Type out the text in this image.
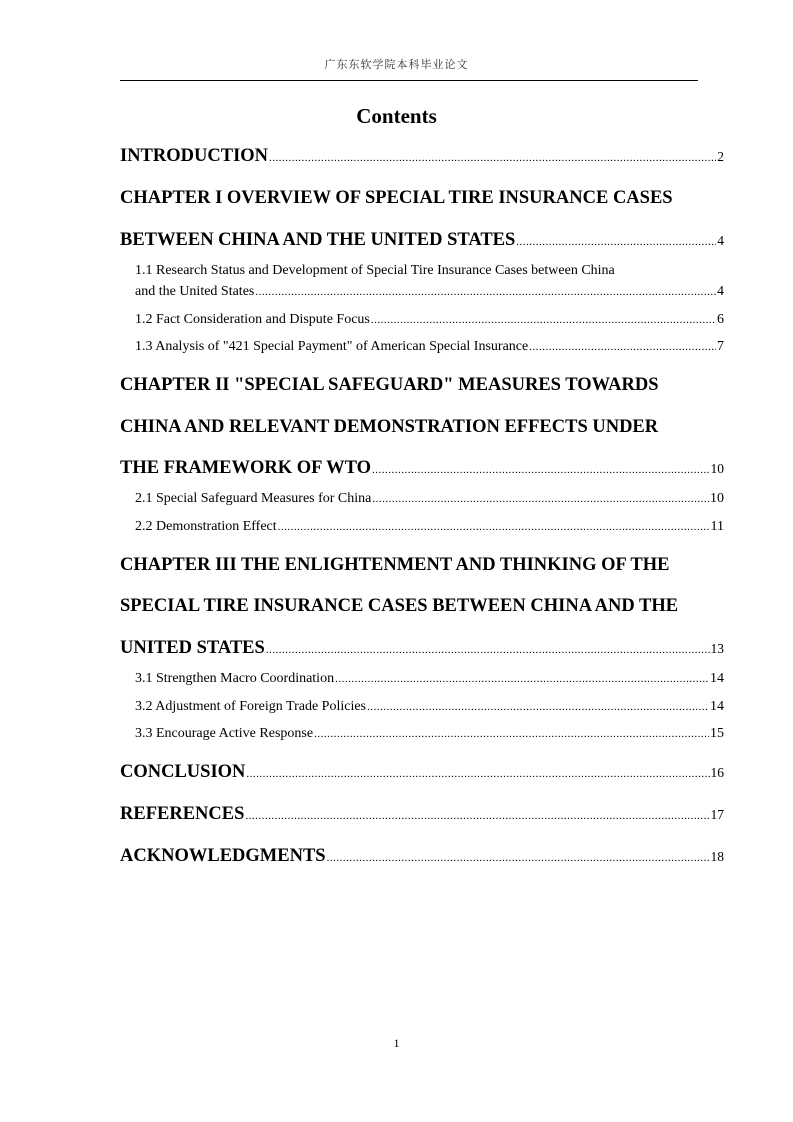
广东东软学院本科毕业论文
Contents
INTRODUCTION .....	2
CHAPTER I OVERVIEW OF SPECIAL TIRE INSURANCE CASES
BETWEEN CHINA AND THE UNITED STATES .....	4
1.1 Research Status and Development of Special Tire Insurance Cases between China
and the United States .....	4
1.2 Fact Consideration and Dispute Focus .....	6
1.3 Analysis of "421 Special Payment" of American Special Insurance .....	7
CHAPTER II "SPECIAL SAFEGUARD" MEASURES TOWARDS
CHINA AND RELEVANT DEMONSTRATION EFFECTS UNDER
THE FRAMEWORK OF WTO .....	10
2.1 Special Safeguard Measures for China .....	10
2.2 Demonstration Effect .....	11
CHAPTER III THE ENLIGHTENMENT AND THINKING OF THE
SPECIAL TIRE INSURANCE CASES BETWEEN CHINA AND THE
UNITED STATES .....	13
3.1 Strengthen Macro Coordination .....	14
3.2 Adjustment of Foreign Trade Policies .....	14
3.3 Encourage Active Response .....	15
CONCLUSION .....	16
REFERENCES .....	17
ACKNOWLEDGMENTS .....	18
1
